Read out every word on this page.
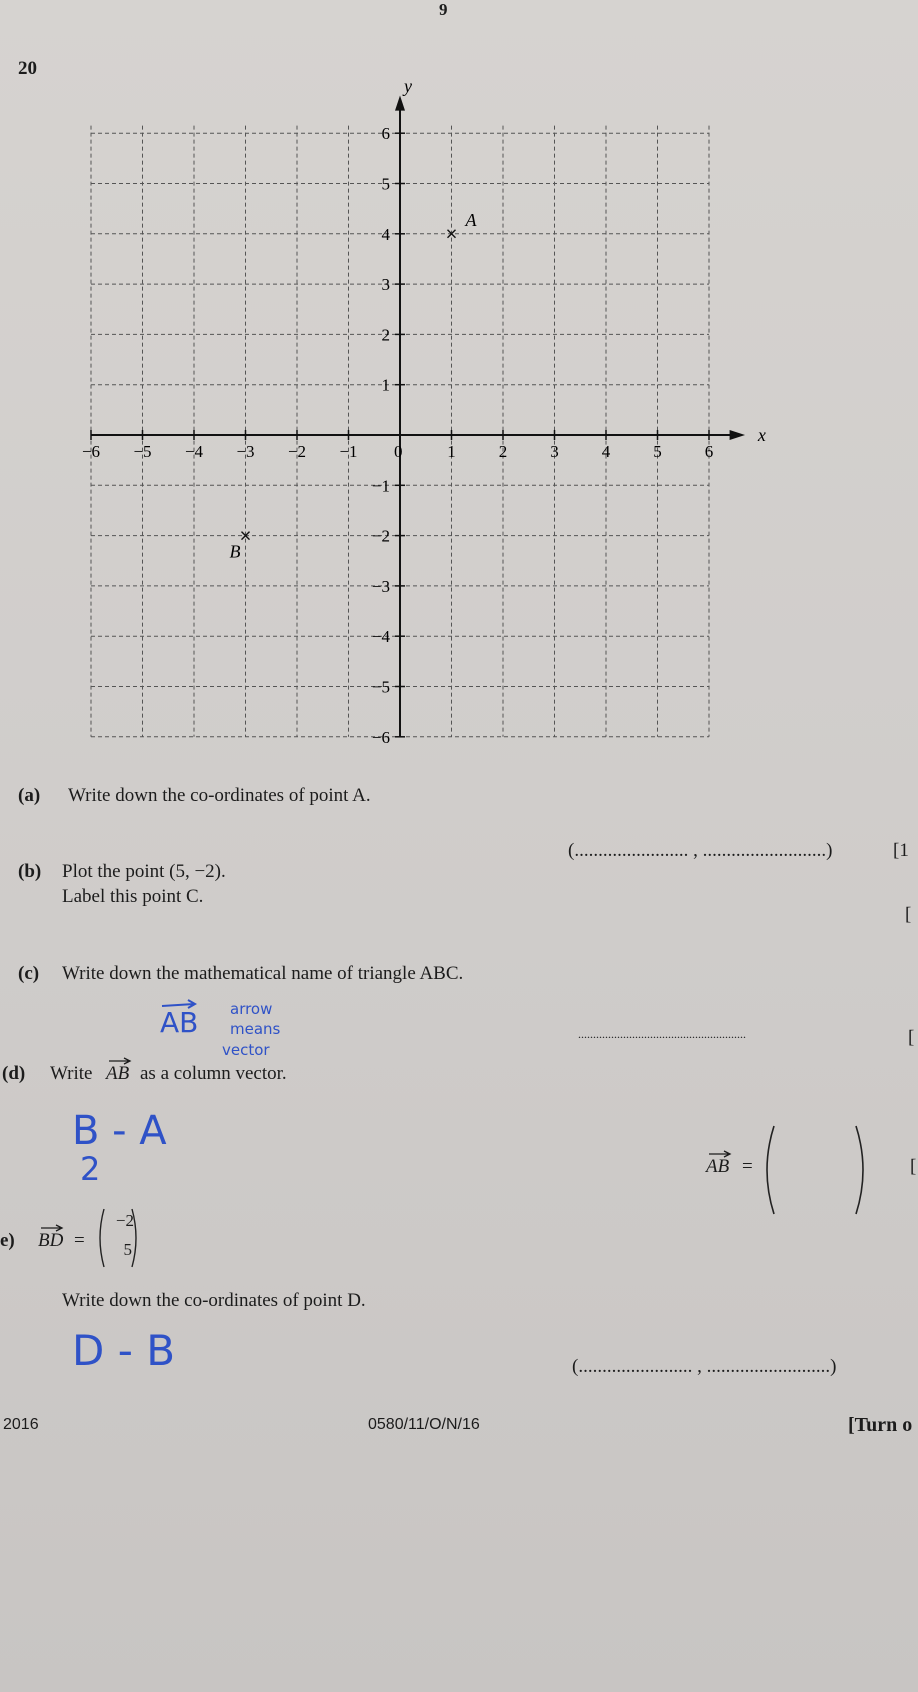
9
20
−6 −5 −4 −3 −2 −1	1	2	3	4	5	6
6
5
4
3
2
1
−1
−2
−3
−4
−5
−6
A
B
x
y
0
(a) Write down the co-ordinates of point A.
(........................ , ..........................)	[1
(b) Plot the point (5, −2).
Label this point C.
[
(c) Write down the mathematical name of triangle ABC.
........................................................	[
AB arrow
means
vector
(d) Write AB as a column vector.
B - A
2	AB =	[
e) BD =
−2
5
Write down the co-ordinates of point D.
D - B	(........................ , ..........................)
2016	0580/11/O/N/16	[Turn o
